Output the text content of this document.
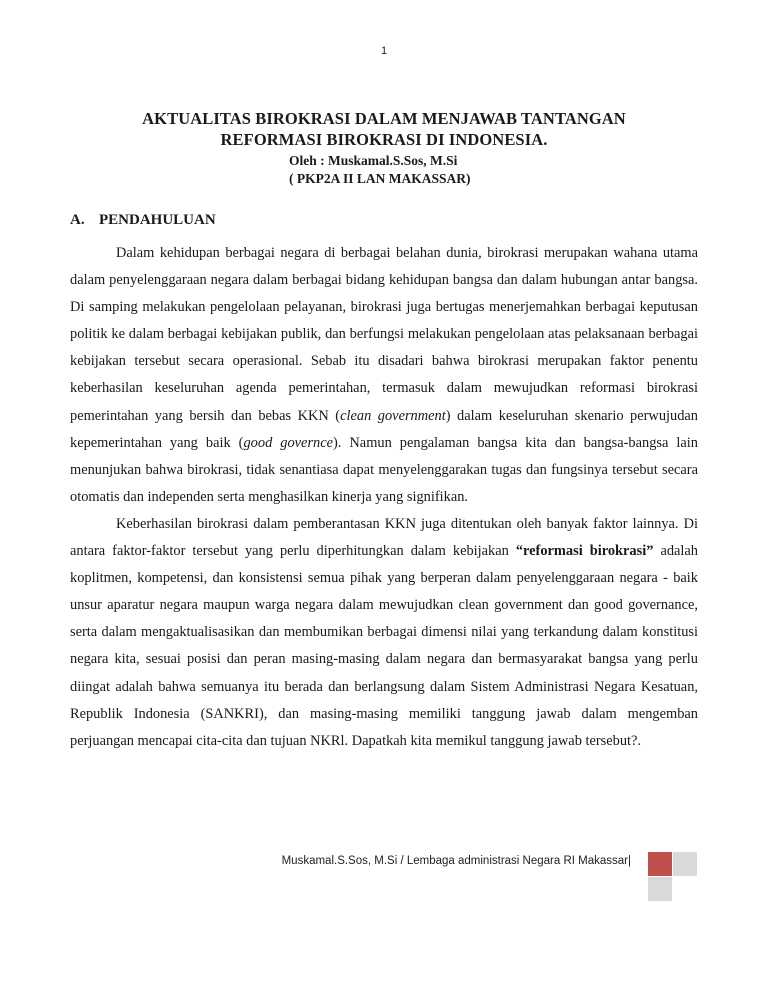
1
AKTUALITAS BIROKRASI DALAM MENJAWAB TANTANGAN
REFORMASI BIROKRASI DI INDONESIA.
Oleh : Muskamal.S.Sos, M.Si
( PKP2A II LAN MAKASSAR)
A. PENDAHULUAN

Dalam kehidupan berbagai negara di berbagai belahan dunia, birokrasi merupakan wahana utama dalam penyelenggaraan negara dalam berbagai bidang kehidupan bangsa dan dalam hubungan antar bangsa. Di samping melakukan pengelolaan pelayanan, birokrasi juga bertugas menerjemahkan berbagai keputusan politik ke dalam berbagai kebijakan publik, dan berfungsi melakukan pengelolaan atas pelaksanaan berbagai kebijakan tersebut secara operasional. Sebab itu disadari bahwa birokrasi merupakan faktor penentu keberhasilan keseluruhan agenda pemerintahan, termasuk dalam mewujudkan reformasi birokrasi pemerintahan yang bersih dan bebas KKN (clean government) dalam keseluruhan skenario perwujudan kepemerintahan yang baik (good governce). Namun pengalaman bangsa kita dan bangsa-bangsa lain menunjukan bahwa birokrasi, tidak senantiasa dapat menyelenggarakan tugas dan fungsinya tersebut secara otomatis dan independen serta menghasilkan kinerja yang signifikan.

Keberhasilan birokrasi dalam pemberantasan KKN juga ditentukan oleh banyak faktor lainnya. Di antara faktor-faktor tersebut yang perlu diperhitungkan dalam kebijakan “reformasi birokrasi” adalah koplitmen, kompetensi, dan konsistensi semua pihak yang berperan dalam penyelenggaraan negara - baik unsur aparatur negara maupun warga negara dalam mewujudkan clean government dan good governance, serta dalam mengaktualisasikan dan membumikan berbagai dimensi nilai yang terkandung dalam konstitusi negara kita, sesuai posisi dan peran masing-masing dalam negara dan bermasyarakat bangsa yang perlu diingat adalah bahwa semuanya itu berada dan berlangsung dalam Sistem Administrasi Negara Kesatuan, Republik Indonesia (SANKRI), dan masing-masing memiliki tanggung jawab dalam mengemban perjuangan mencapai cita-cita dan tujuan NKRl. Dapatkah kita memikul tanggung jawab tersebut?.

Muskamal.S.Sos, M.Si / Lembaga administrasi Negara RI Makassar|
